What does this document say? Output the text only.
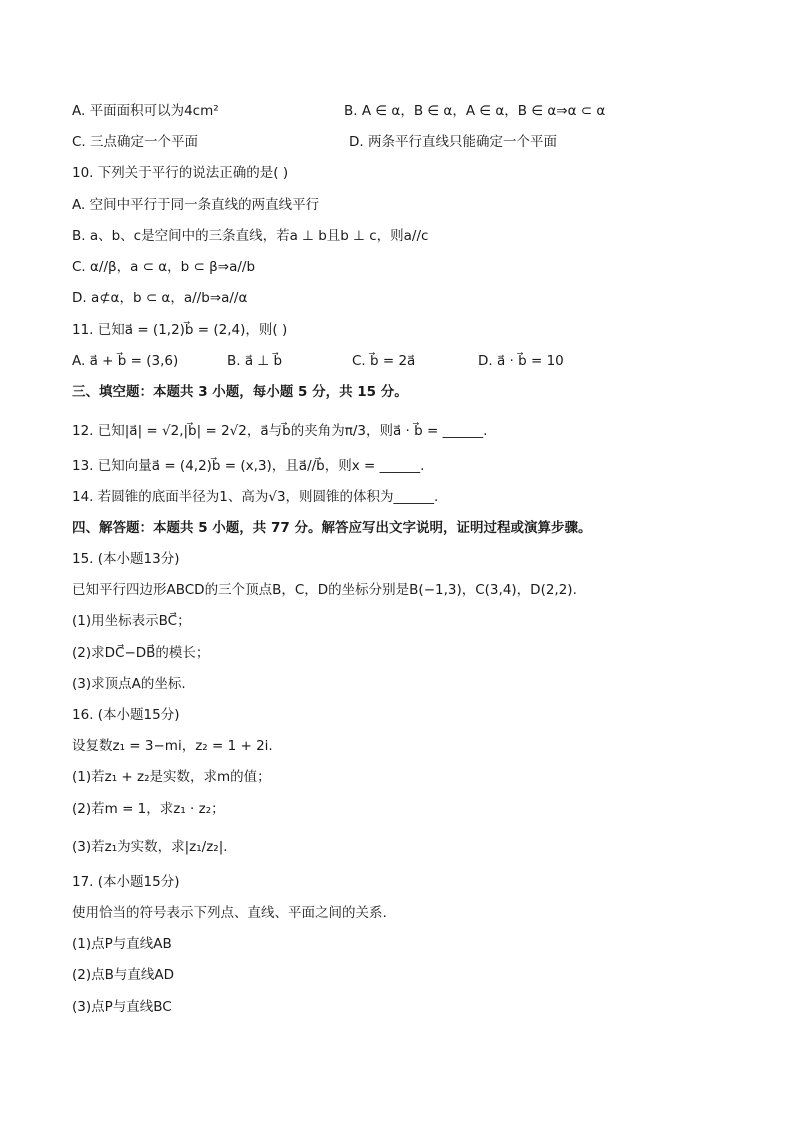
A. 平面面积可以为4cm²	B. A ∈ α，B ∈ α，A ∈ α，B ∈ α⇒α ⊂ α
C. 三点确定一个平面	D. 两条平行直线只能确定一个平面
10. 下列关于平行的说法正确的是( )
A. 空间中平行于同一条直线的两直线平行
B. a、b、c是空间中的三条直线，若a ⊥ b且b ⊥ c，则a//c
C. α//β，a ⊂ α，b ⊂ β⇒a//b
D. a⊄α，b ⊂ α，a//b⇒a//α
11. 已知a⃗ = (1,2)b⃗ = (2,4)，则( )
A. a⃗ + b⃗ = (3,6)	B. a⃗ ⊥ b⃗	C. b⃗ = 2a⃗	D. a⃗ · b⃗ = 10
三、填空题：本题共 3 小题，每小题 5 分，共 15 分。
12. 已知|a⃗| = √2,|b⃗| = 2√2，a⃗与b⃗的夹角为π/3，则a⃗ · b⃗ = ______.
13. 已知向量a⃗ = (4,2)b⃗ = (x,3)，且a⃗//b⃗，则x = ______.
14. 若圆锥的底面半径为1、高为√3，则圆锥的体积为______.
四、解答题：本题共 5 小题，共 77 分。解答应写出文字说明，证明过程或演算步骤。
15. (本小题13分)
已知平行四边形ABCD的三个顶点B，C，D的坐标分别是B(−1,3)，C(3,4)，D(2,2).
(1)用坐标表示BC⃗；
(2)求DC⃗−DB⃗的模长；
(3)求顶点A的坐标.
16. (本小题15分)
设复数z₁ = 3−mi，z₂ = 1 + 2i.
(1)若z₁ + z₂是实数，求m的值；
(2)若m = 1，求z₁ · z₂；
(3)若z₁为实数，求|z₁/z₂|.
17. (本小题15分)
使用恰当的符号表示下列点、直线、平面之间的关系.
(1)点P与直线AB
(2)点B与直线AD
(3)点P与直线BC
